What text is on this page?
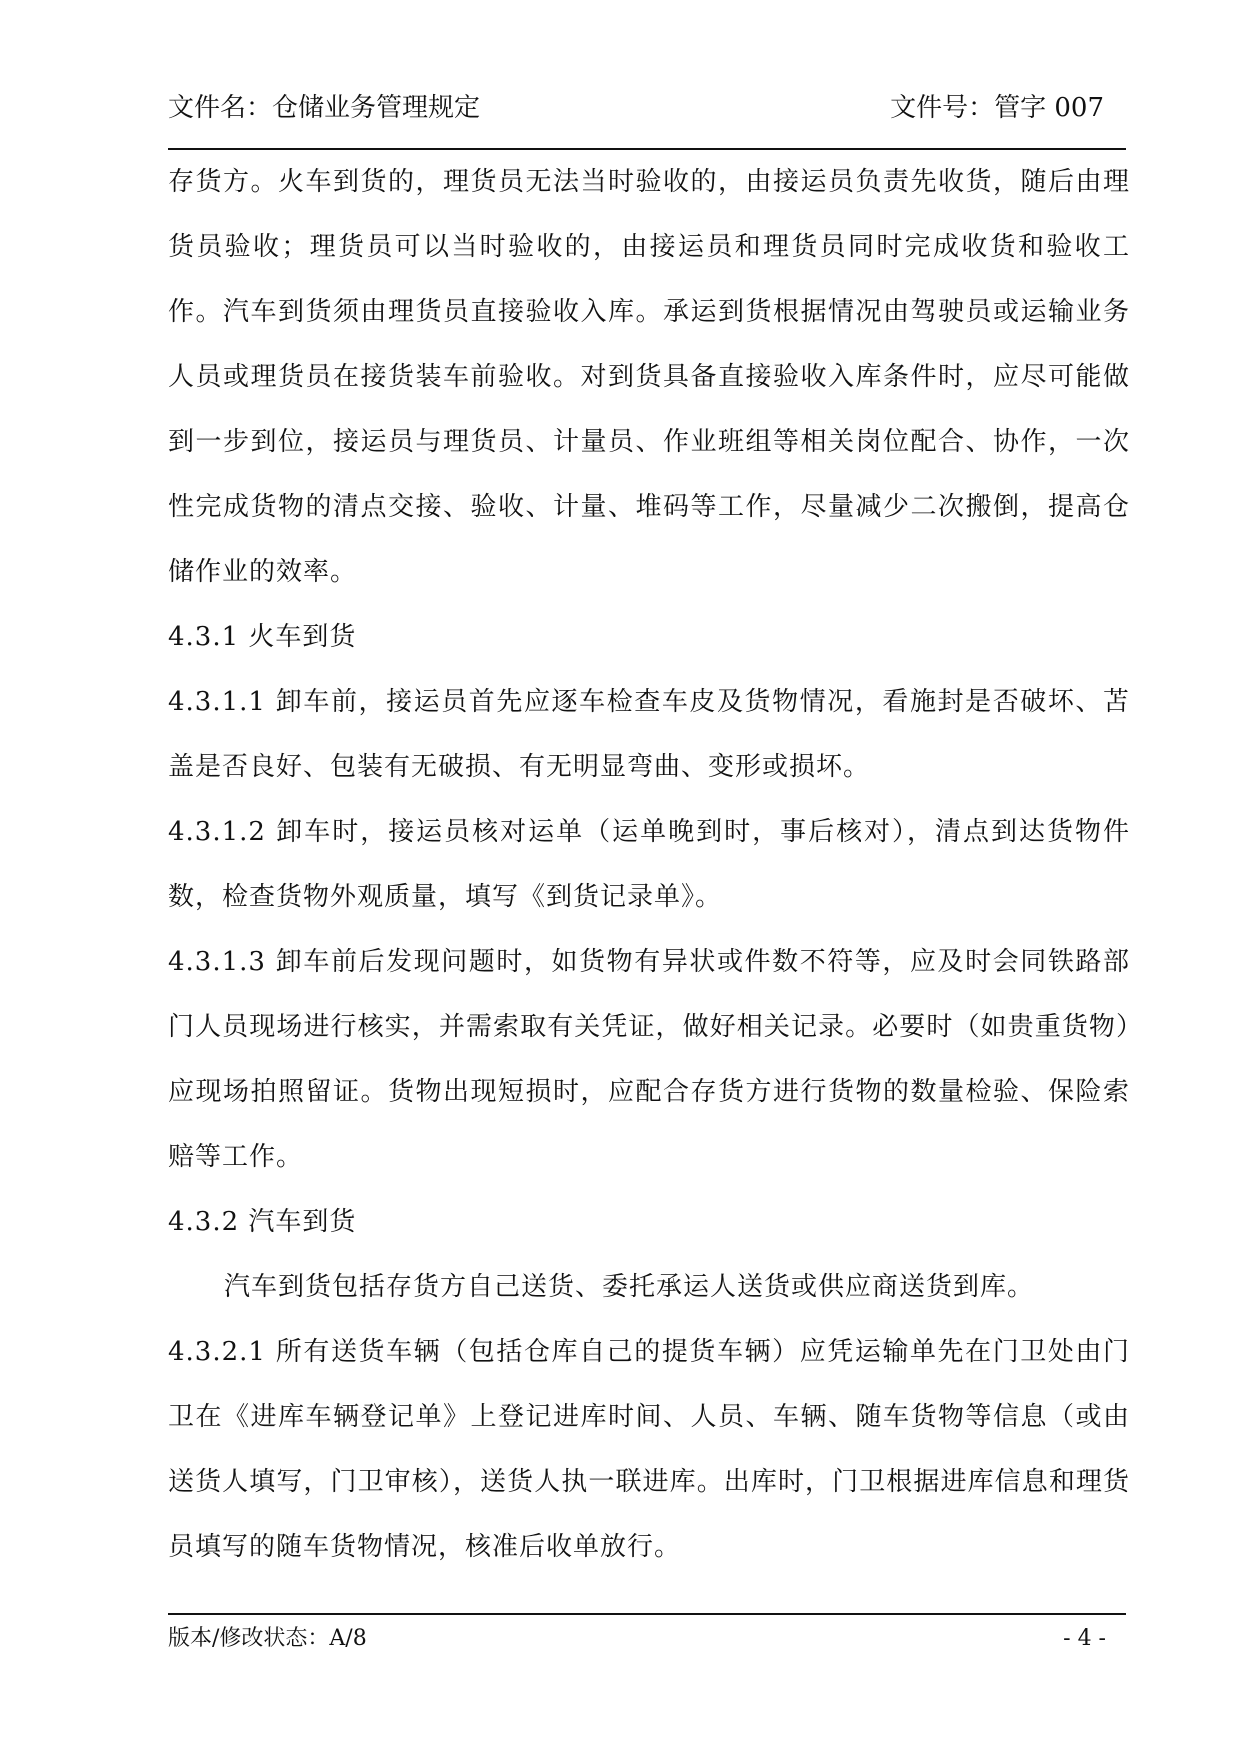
文件名：仓储业务管理规定	文件号：管字 007

存货方。火车到货的，理货员无法当时验收的，由接运员负责先收货，随后由理货员验收；理货员可以当时验收的，由接运员和理货员同时完成收货和验收工作。汽车到货须由理货员直接验收入库。承运到货根据情况由驾驶员或运输业务人员或理货员在接货装车前验收。对到货具备直接验收入库条件时，应尽可能做到一步到位，接运员与理货员、计量员、作业班组等相关岗位配合、协作，一次性完成货物的清点交接、验收、计量、堆码等工作，尽量减少二次搬倒，提高仓储作业的效率。

4.3.1 火车到货

4.3.1.1 卸车前，接运员首先应逐车检查车皮及货物情况，看施封是否破坏、苫盖是否良好、包装有无破损、有无明显弯曲、变形或损坏。

4.3.1.2 卸车时，接运员核对运单（运单晚到时，事后核对），清点到达货物件数，检查货物外观质量，填写《到货记录单》。

4.3.1.3 卸车前后发现问题时，如货物有异状或件数不符等，应及时会同铁路部门人员现场进行核实，并需索取有关凭证，做好相关记录。必要时（如贵重货物）应现场拍照留证。货物出现短损时，应配合存货方进行货物的数量检验、保险索赔等工作。

4.3.2 汽车到货

汽车到货包括存货方自己送货、委托承运人送货或供应商送货到库。

4.3.2.1 所有送货车辆（包括仓库自己的提货车辆）应凭运输单先在门卫处由门卫在《进库车辆登记单》上登记进库时间、人员、车辆、随车货物等信息（或由送货人填写，门卫审核），送货人执一联进库。出库时，门卫根据进库信息和理货员填写的随车货物情况，核准后收单放行。

版本/修改状态：A/8	- 4 -
